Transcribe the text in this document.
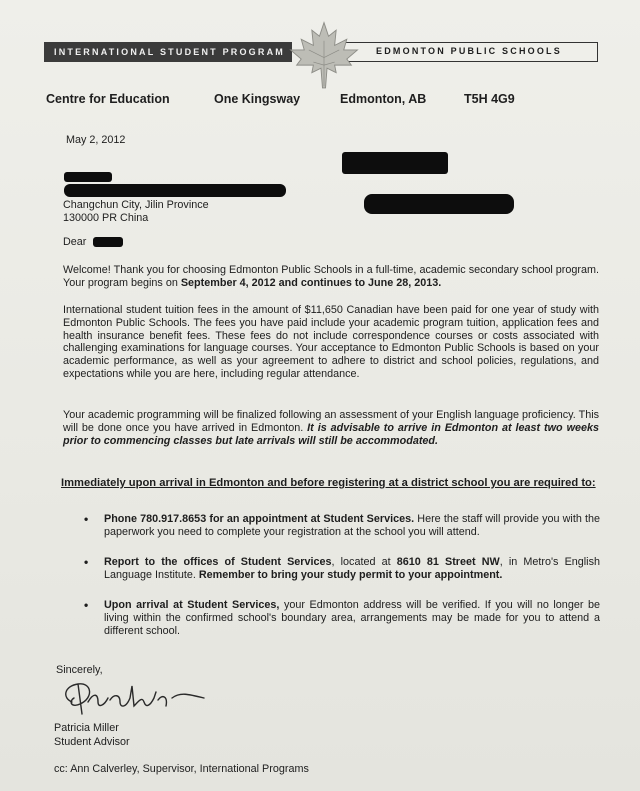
INTERNATIONAL STUDENT PROGRAM	EDMONTON PUBLIC SCHOOLS
Centre for Education	One Kingsway	Edmonton, AB	T5H 4G9
May 2, 2012
Changchun City, Jilin Province
130000 PR China
Dear
Welcome! Thank you for choosing Edmonton Public Schools in a full-time, academic secondary school program. Your program begins on September 4, 2012 and continues to June 28, 2013.
International student tuition fees in the amount of $11,650 Canadian have been paid for one year of study with Edmonton Public Schools. The fees you have paid include your academic program tuition, application fees and health insurance benefit fees. These fees do not include correspondence courses or costs associated with challenging examinations for language courses. Your acceptance to Edmonton Public Schools is based on your academic performance, as well as your agreement to adhere to district and school policies, regulations, and expectations while you are here, including regular attendance.
Your academic programming will be finalized following an assessment of your English language proficiency. This will be done once you have arrived in Edmonton. It is advisable to arrive in Edmonton at least two weeks prior to commencing classes but late arrivals will still be accommodated.
Immediately upon arrival in Edmonton and before registering at a district school you are required to:
• Phone 780.917.8653 for an appointment at Student Services. Here the staff will provide you with the paperwork you need to complete your registration at the school you will attend.
• Report to the offices of Student Services, located at 8610 81 Street NW, in Metro's English Language Institute. Remember to bring your study permit to your appointment.
• Upon arrival at Student Services, your Edmonton address will be verified. If you will no longer be living within the confirmed school's boundary area, arrangements may be made for you to attend a different school.
Sincerely,
Patricia Miller
Student Advisor
cc: Ann Calverley, Supervisor, International Programs
